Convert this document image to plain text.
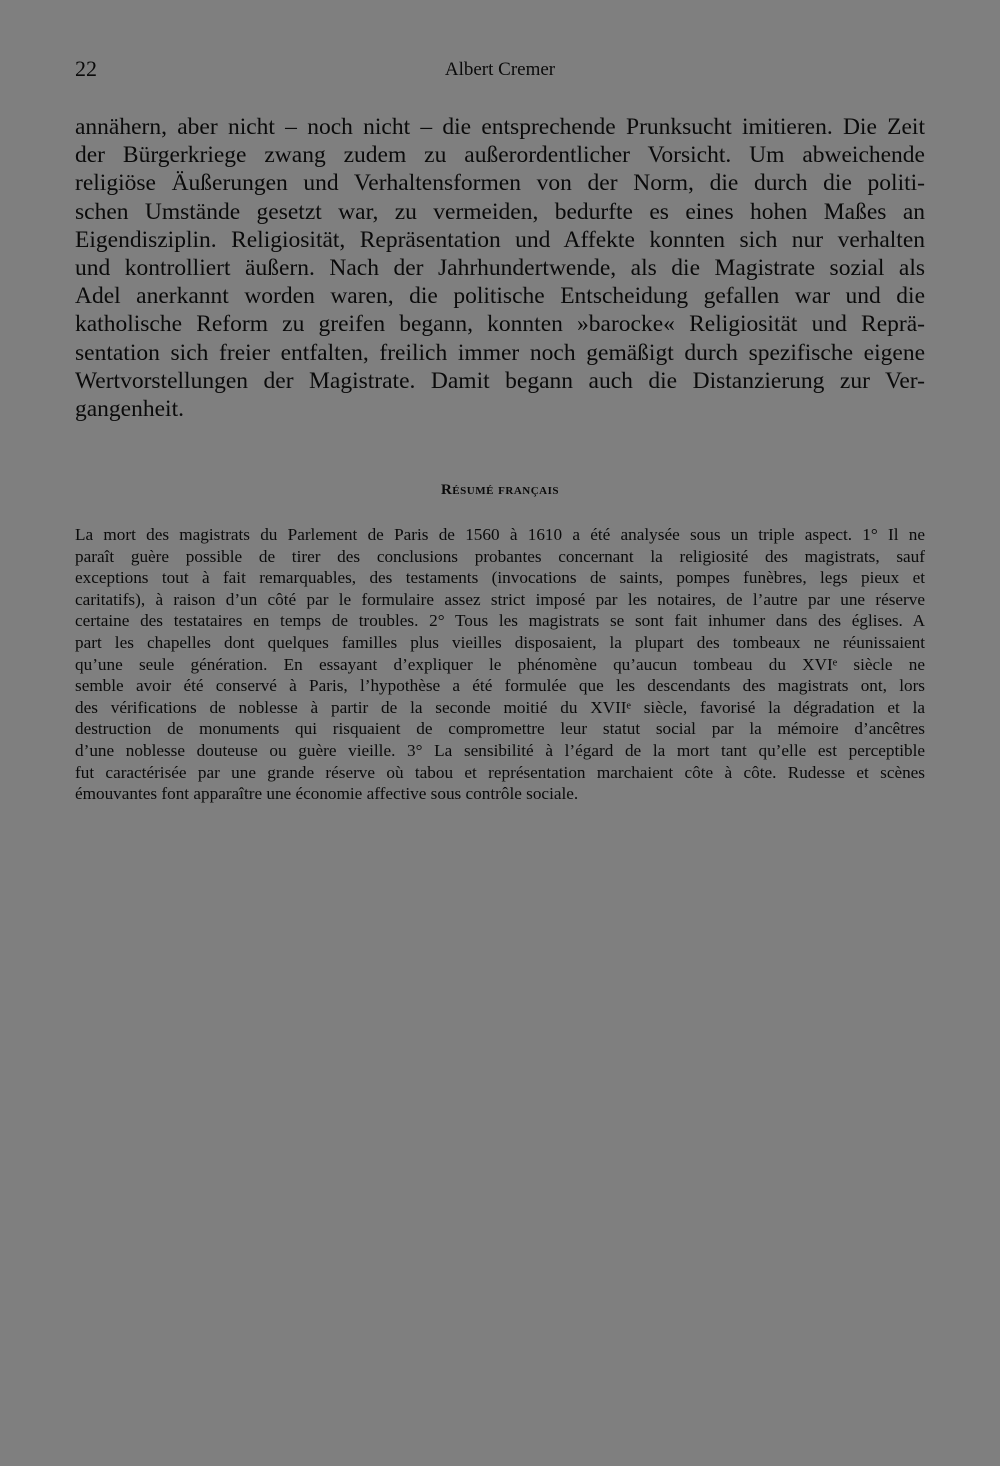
22	Albert Cremer
annähern, aber nicht – noch nicht – die entsprechende Prunksucht imitieren. Die Zeit
der Bürgerkriege zwang zudem zu außerordentlicher Vorsicht. Um abweichende
religiöse Äußerungen und Verhaltensformen von der Norm, die durch die politi-
schen Umstände gesetzt war, zu vermeiden, bedurfte es eines hohen Maßes an
Eigendisziplin. Religiosität, Repräsentation und Affekte konnten sich nur verhalten
und kontrolliert äußern. Nach der Jahrhundertwende, als die Magistrate sozial als
Adel anerkannt worden waren, die politische Entscheidung gefallen war und die
katholische Reform zu greifen begann, konnten »barocke« Religiosität und Reprä-
sentation sich freier entfalten, freilich immer noch gemäßigt durch spezifische eigene
Wertvorstellungen der Magistrate. Damit begann auch die Distanzierung zur Ver-
gangenheit.
Résumé français
La mort des magistrats du Parlement de Paris de 1560 à 1610 a été analysée sous un triple aspect. 1° Il ne
paraît guère possible de tirer des conclusions probantes concernant la religiosité des magistrats, sauf
exceptions tout à fait remarquables, des testaments (invocations de saints, pompes funèbres, legs pieux et
caritatifs), à raison d’un côté par le formulaire assez strict imposé par les notaires, de l’autre par une réserve
certaine des testataires en temps de troubles. 2° Tous les magistrats se sont fait inhumer dans des églises. A
part les chapelles dont quelques familles plus vieilles disposaient, la plupart des tombeaux ne réunissaient
qu’une seule génération. En essayant d’expliquer le phénomène qu’aucun tombeau du XVIᵉ siècle ne
semble avoir été conservé à Paris, l’hypothèse a été formulée que les descendants des magistrats ont, lors
des vérifications de noblesse à partir de la seconde moitié du XVIIᵉ siècle, favorisé la dégradation et la
destruction de monuments qui risquaient de compromettre leur statut social par la mémoire d’ancêtres
d’une noblesse douteuse ou guère vieille. 3° La sensibilité à l’égard de la mort tant qu’elle est perceptible
fut caractérisée par une grande réserve où tabou et représentation marchaient côte à côte. Rudesse et scènes
émouvantes font apparaître une économie affective sous contrôle sociale.
